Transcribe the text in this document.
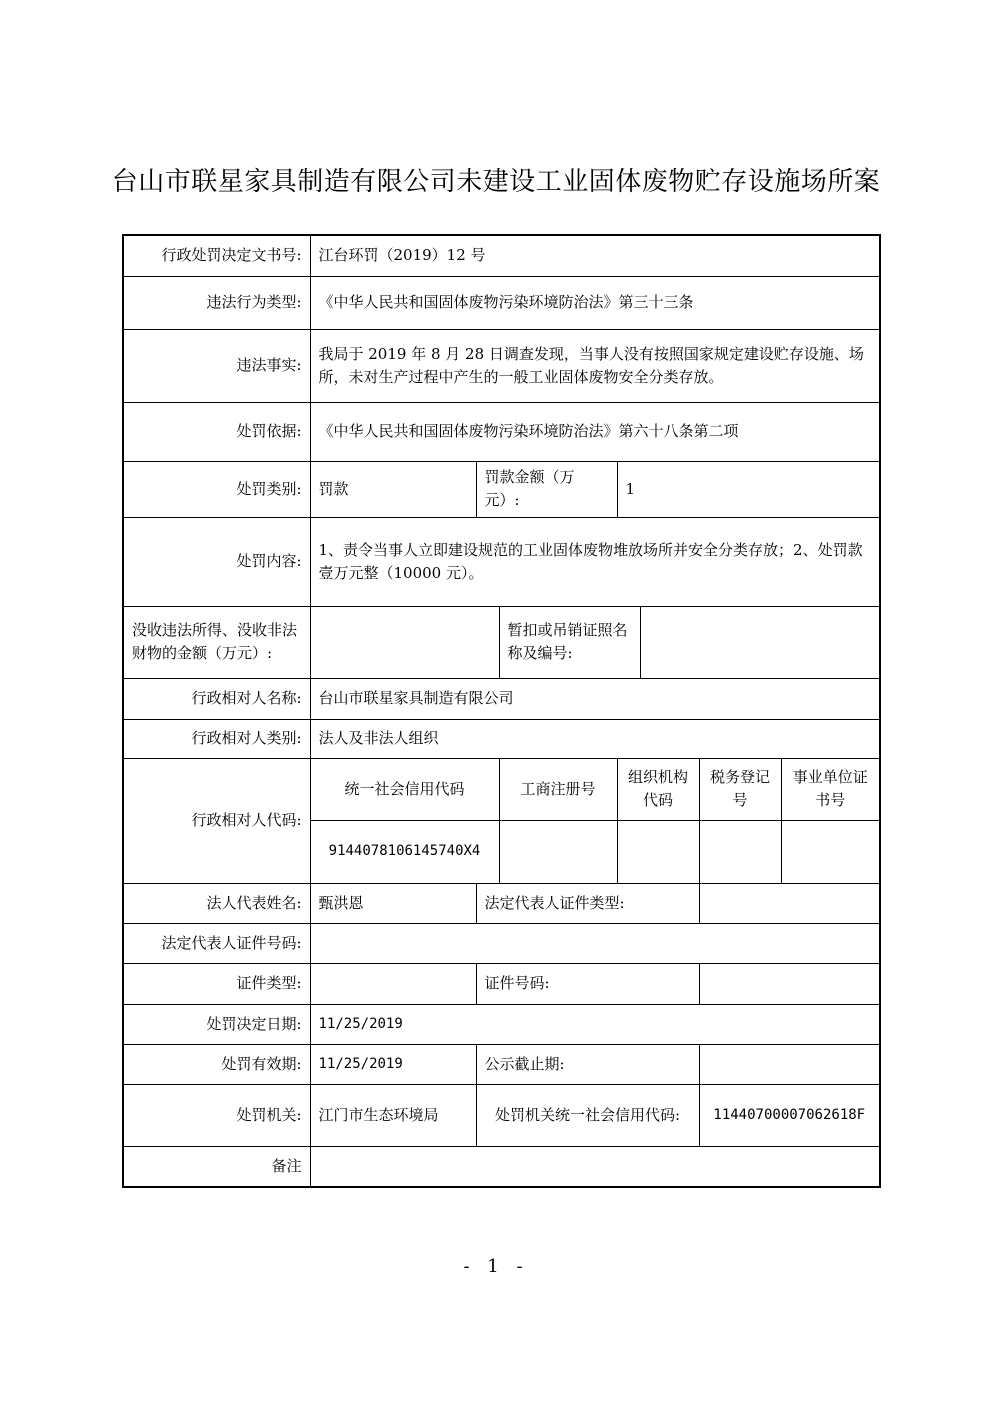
台山市联星家具制造有限公司未建设工业固体废物贮存设施场所案
行政处罚决定文书号:	江台环罚（2019）12 号						
违法行为类型:	《中华人民共和国固体废物污染环境防治法》第三十三条						
违法事实:	我局于 2019 年 8 月 28 日调查发现，当事人没有按照国家规定建设贮存设施、场所，未对生产过程中产生的一般工业固体废物安全分类存放。						
处罚依据:	《中华人民共和国固体废物污染环境防治法》第六十八条第二项						
处罚类别:	罚款	罚款金额（万元）:		1			
处罚内容:	1、责令当事人立即建设规范的工业固体废物堆放场所并安全分类存放；2、处罚款壹万元整（10000 元）。						
没收违法所得、没收非法财物的金额（万元）:			暂扣或吊销证照名称及编号:				
行政相对人名称:	台山市联星家具制造有限公司						
行政相对人类别:	法人及非法人组织						
行政相对人代码:	统一社会信用代码		工商注册号	组织机构代码		税务登记号	事业单位证书号
	9144078106145740X4						
法人代表姓名:	甄洪恩	法定代表人证件类型:					
法定代表人证件号码:							
证件类型:		证件号码:					
处罚决定日期:	11/25/2019						
处罚有效期:	11/25/2019	公示截止期:					
处罚机关:	江门市生态环境局	处罚机关统一社会信用代码:				11440700007062618F	
备注							
- 1 -
